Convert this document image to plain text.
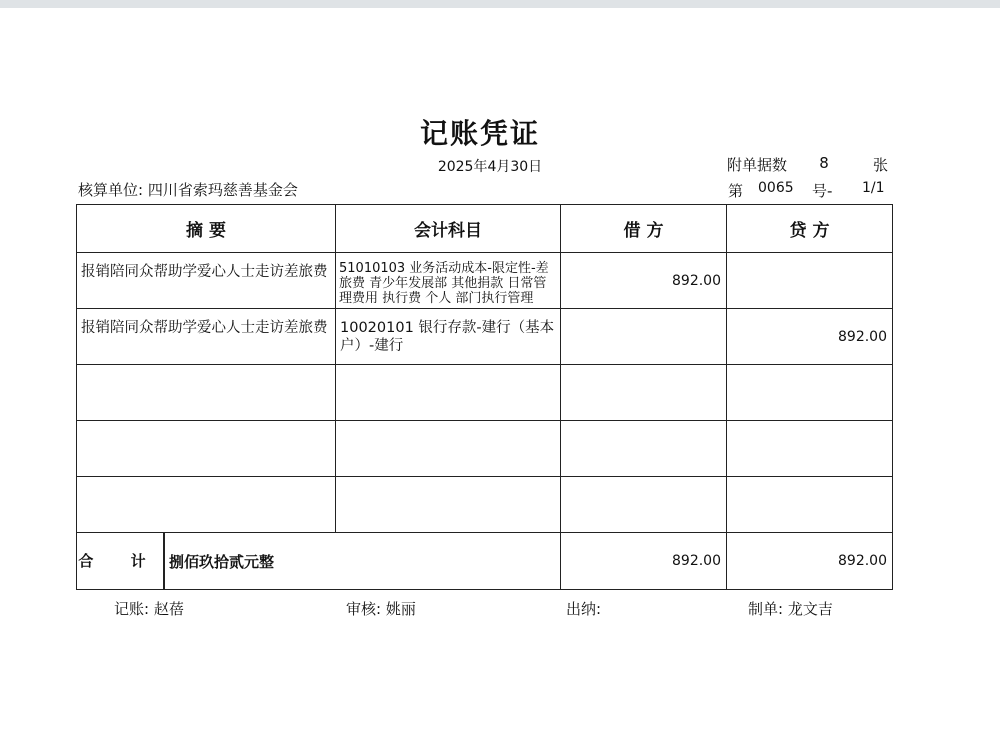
记账凭证
2025年4月30日	附单据数	8	张
核算单位: 四川省索玛慈善基金会	第 0065 号- 1/1
摘 要	会计科目	借 方	贷 方
报销陪同众帮助学爱心人士走访差旅费	51010103 业务活动成本-限定性-差旅费 青少年发展部 其他捐款 日常管理费用 执行费 个人 部门执行管理	892.00	
报销陪同众帮助学爱心人士走访差旅费	10020101 银行存款-建行（基本户）-建行		892.00

合 计 捌佰玖拾贰元整		892.00	892.00
记账: 赵蓓	审核: 姚丽	出纳:	制单: 龙文吉
